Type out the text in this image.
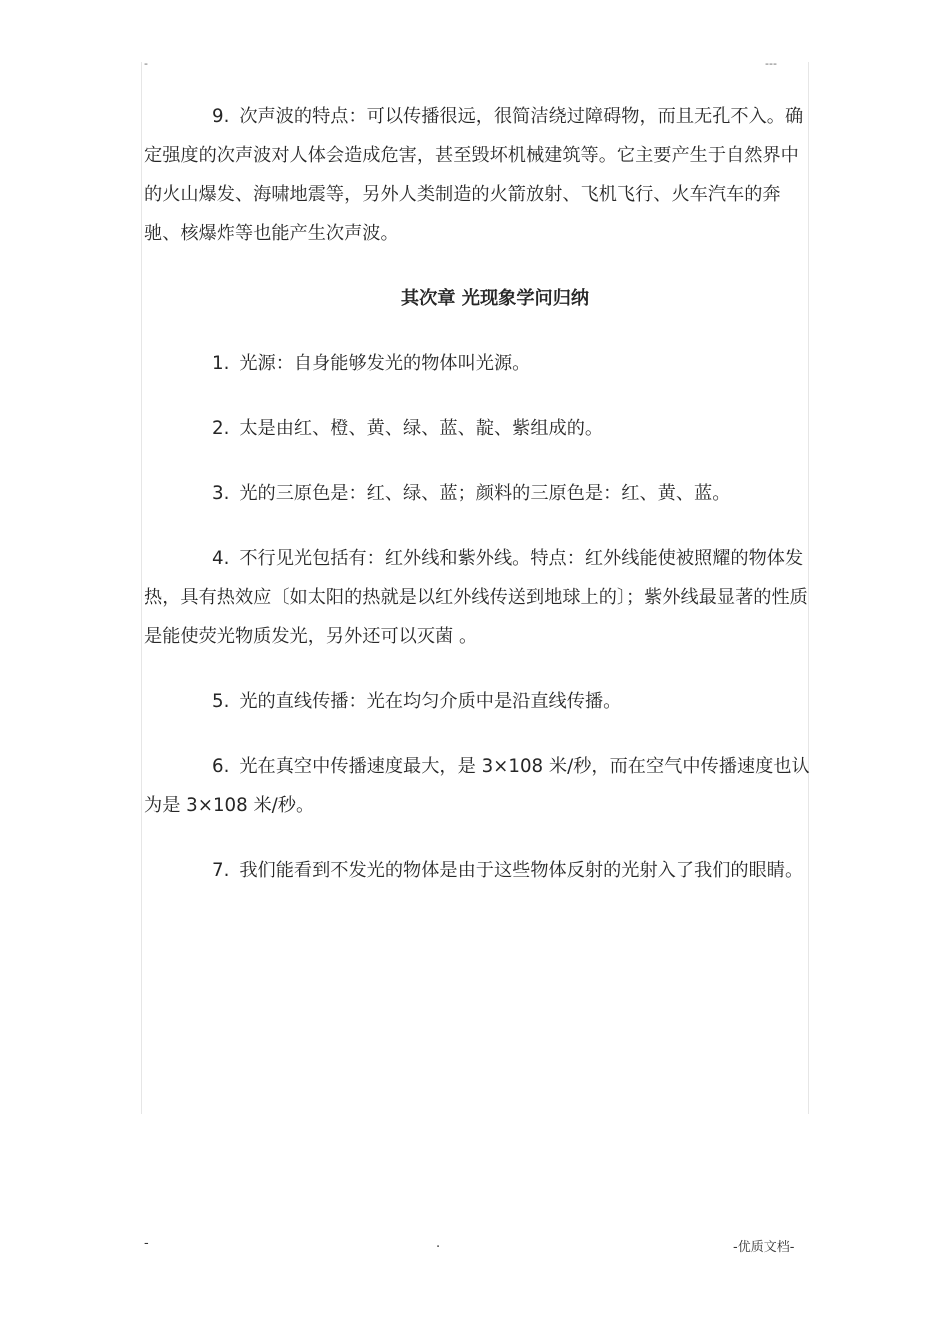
-	---

9. 次声波的特点：可以传播很远，很简洁绕过障碍物，而且无孔不入。确定强度的次声波对人体会造成危害，甚至毁坏机械建筑等。它主要产生于自然界中的火山爆发、海啸地震等，另外人类制造的火箭放射、飞机飞行、火车汽车的奔驰、核爆炸等也能产生次声波。

其次章 光现象学问归纳

1. 光源：自身能够发光的物体叫光源。

2. 太是由红、橙、黄、绿、蓝、靛、紫组成的。

3. 光的三原色是：红、绿、蓝；颜料的三原色是：红、黄、蓝。

4. 不行见光包括有：红外线和紫外线。特点：红外线能使被照耀的物体发热，具有热效应〔如太阳的热就是以红外线传送到地球上的〕；紫外线最显著的性质是能使荧光物质发光，另外还可以灭菌 。

5. 光的直线传播：光在均匀介质中是沿直线传播。

6. 光在真空中传播速度最大，是 3×108 米/秒，而在空气中传播速度也认为是 3×108 米/秒。

7. 我们能看到不发光的物体是由于这些物体反射的光射入了我们的眼睛。

-	.	-优质文档-
